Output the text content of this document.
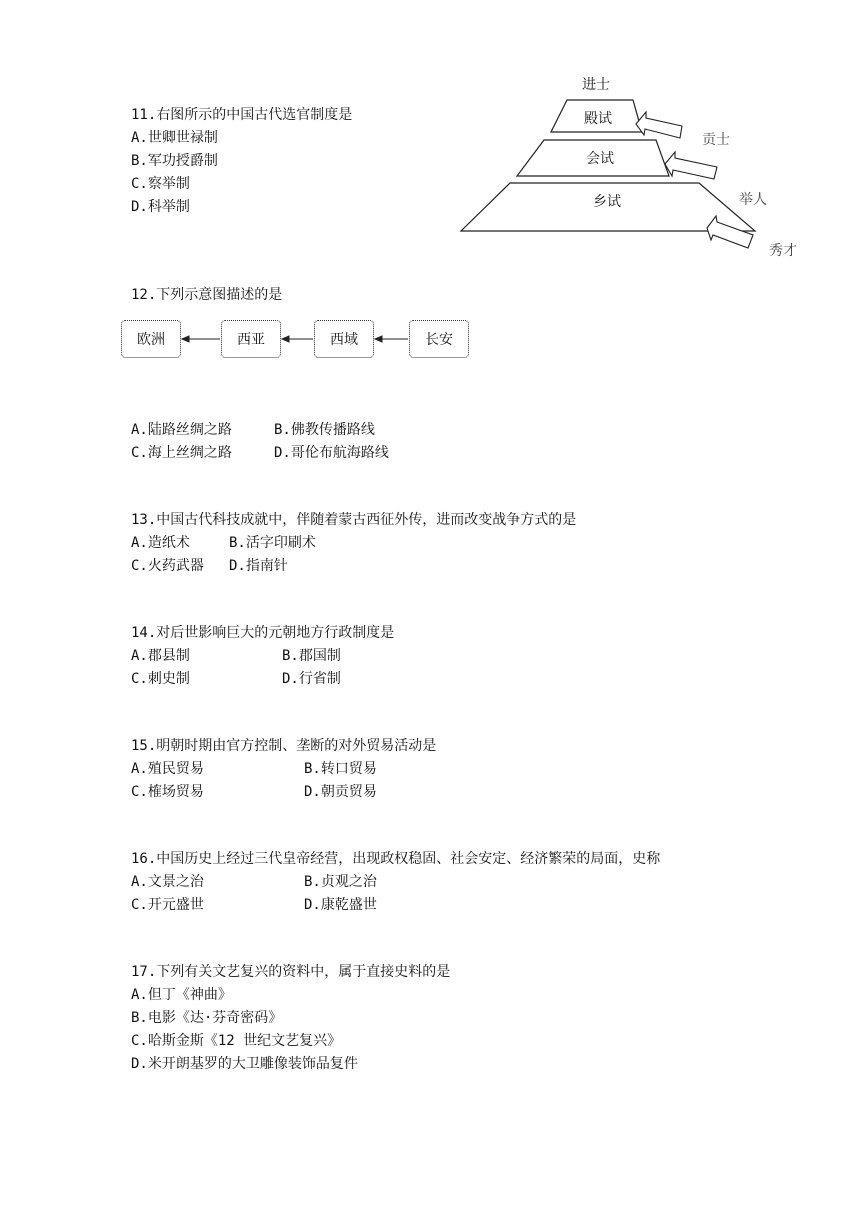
11.右图所示的中国古代选官制度是
A.世卿世禄制
B.军功授爵制
C.察举制
D.科举制
进士
殿试
会试
乡试
贡士
举人
秀才
12.下列示意图描述的是
欧洲	西亚	西域	长安
A.陆路丝绸之路	B.佛教传播路线
C.海上丝绸之路	D.哥伦布航海路线
13.中国古代科技成就中，伴随着蒙古西征外传，进而改变战争方式的是
A.造纸术	B.活字印刷术
C.火药武器	D.指南针
14.对后世影响巨大的元朝地方行政制度是
A.郡县制	B.郡国制
C.刺史制	D.行省制
15.明朝时期由官方控制、垄断的对外贸易活动是
A.殖民贸易	B.转口贸易
C.榷场贸易	D.朝贡贸易
16.中国历史上经过三代皇帝经营，出现政权稳固、社会安定、经济繁荣的局面，史称
A.文景之治	B.贞观之治
C.开元盛世	D.康乾盛世
17.下列有关文艺复兴的资料中，属于直接史料的是
A.但丁《神曲》
B.电影《达·芬奇密码》
C.哈斯金斯《12 世纪文艺复兴》
D.米开朗基罗的大卫雕像装饰品复件
